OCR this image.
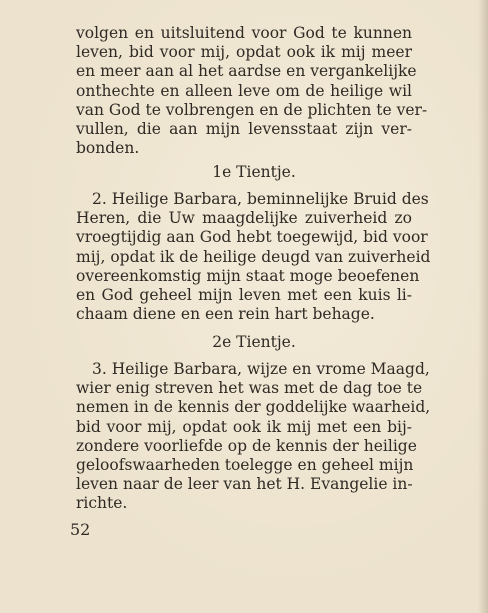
volgen en uitsluitend voor God te kunnen
leven, bid voor mij, opdat ook ik mij meer
en meer aan al het aardse en vergankelijke
onthechte en alleen leve om de heilige wil
van God te volbrengen en de plichten te ver-
vullen, die aan mijn levensstaat zijn ver-
bonden.
1e Tientje.
2. Heilige Barbara, beminnelijke Bruid des
Heren, die Uw maagdelijke zuiverheid zo
vroegtijdig aan God hebt toegewijd, bid voor
mij, opdat ik de heilige deugd van zuiverheid
overeenkomstig mijn staat moge beoefenen
en God geheel mijn leven met een kuis li-
chaam diene en een rein hart behage.
2e Tientje.
3. Heilige Barbara, wijze en vrome Maagd,
wier enig streven het was met de dag toe te
nemen in de kennis der goddelijke waarheid,
bid voor mij, opdat ook ik mij met een bij-
zondere voorliefde op de kennis der heilige
geloofswaarheden toelegge en geheel mijn
leven naar de leer van het H. Evangelie in-
richte.
52
